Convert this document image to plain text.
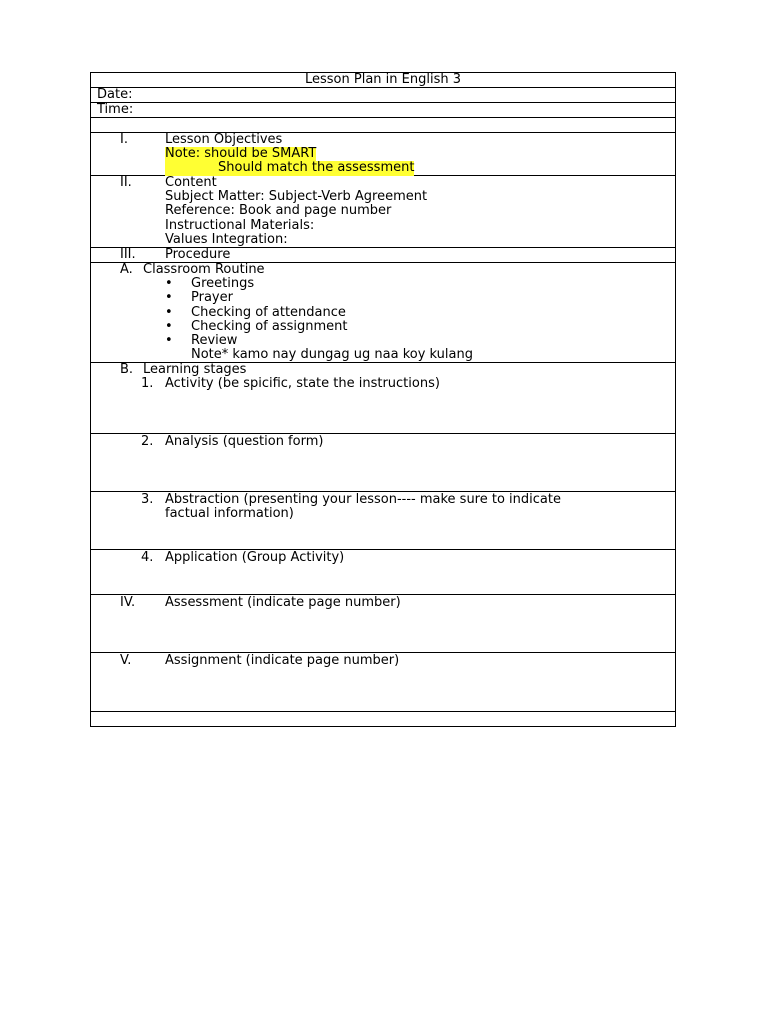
Lesson Plan in English 3
Date:
Time:
I.	Lesson Objectives
Note: should be SMART
Should match the assessment
II.	Content
Subject Matter: Subject-Verb Agreement
Reference: Book and page number
Instructional Materials:
Values Integration:
III. Procedure
A. Classroom Routine
• Greetings
• Prayer
• Checking of attendance
• Checking of assignment
• Review
Note* kamo nay dungag ug naa koy kulang
B. Learning stages
1. Activity (be spicific, state the instructions)
2. Analysis (question form)
3. Abstraction (presenting your lesson---- make sure to indicate
factual information)
4. Application (Group Activity)
IV. Assessment (indicate page number)
V.	Assignment (indicate page number)
